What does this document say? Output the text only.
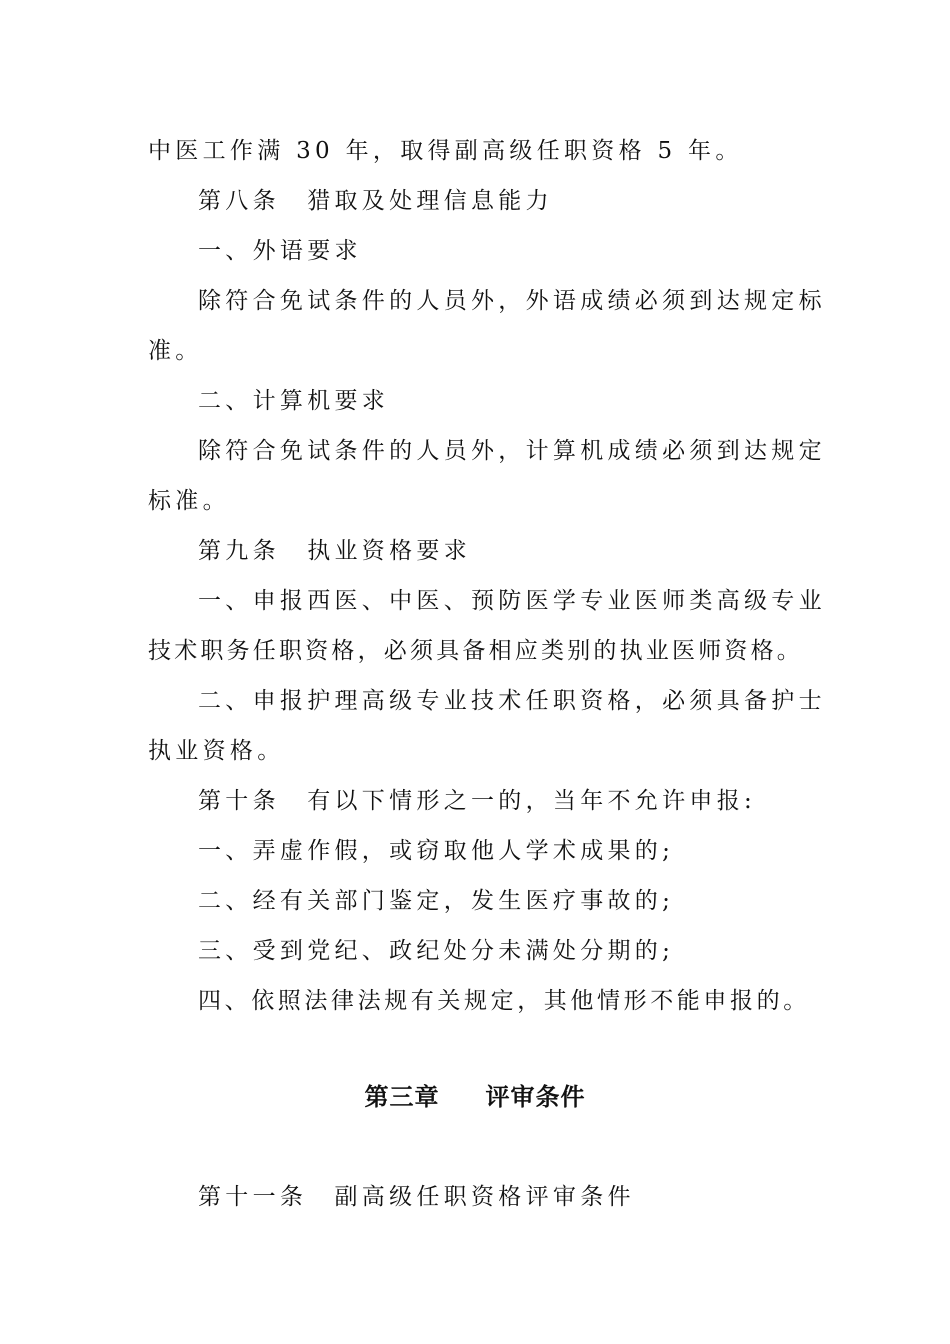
中医工作满 30 年，取得副高级任职资格 5 年。
第八条　猎取及处理信息能力
一、外语要求
除符合免试条件的人员外，外语成绩必须到达规定标
准。
二、计算机要求
除符合免试条件的人员外，计算机成绩必须到达规定
标准。
第九条　执业资格要求
一、申报西医、中医、预防医学专业医师类高级专业
技术职务任职资格，必须具备相应类别的执业医师资格。
二、申报护理高级专业技术任职资格，必须具备护士
执业资格。
第十条　有以下情形之一的，当年不允许申报:
一、弄虚作假，或窃取他人学术成果的;
二、经有关部门鉴定，发生医疗事故的;
三、受到党纪、政纪处分未满处分期的;
四、依照法律法规有关规定，其他情形不能申报的。
第三章 评审条件
第十一条　副高级任职资格评审条件
